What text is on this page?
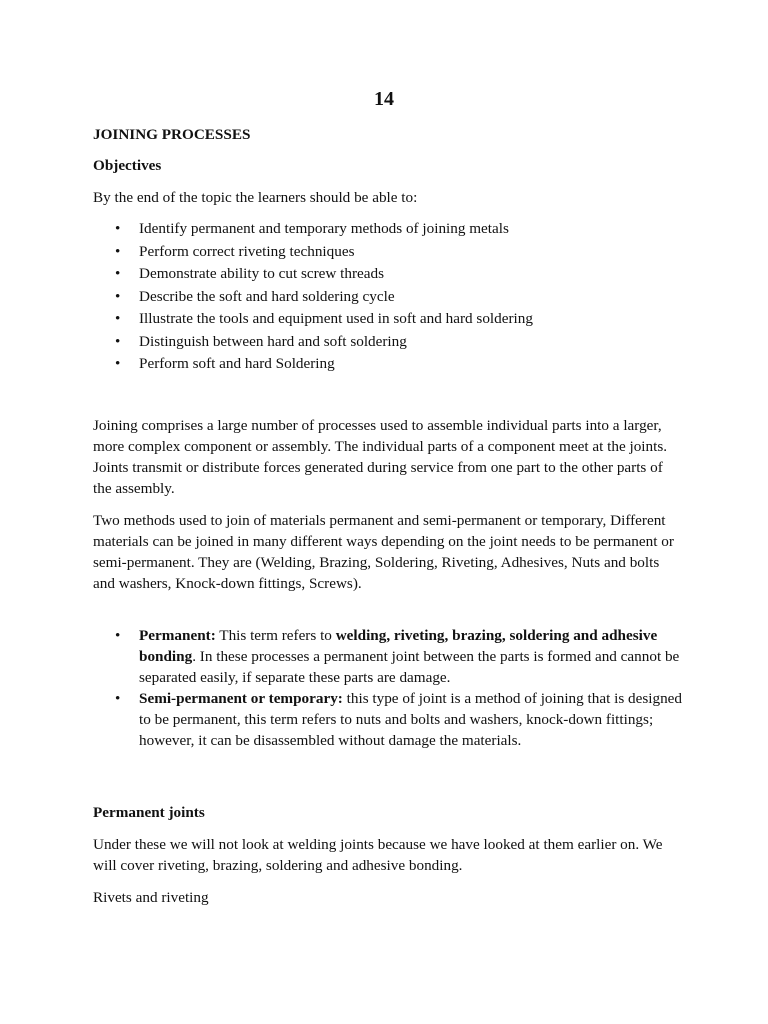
14
JOINING PROCESSES
Objectives
By the end of the topic the learners should be able to:
• Identify permanent and temporary methods of joining metals
• Perform correct riveting techniques
• Demonstrate ability to cut screw threads
• Describe the soft and hard soldering cycle
• Illustrate the tools and equipment used in soft and hard soldering
• Distinguish between hard and soft soldering
• Perform soft and hard Soldering
Joining comprises a large number of processes used to assemble individual parts into a larger, more complex component or assembly. The individual parts of a component meet at the joints. Joints transmit or distribute forces generated during service from one part to the other parts of the assembly.
Two methods used to join of materials permanent and semi-permanent or temporary, Different materials can be joined in many different ways depending on the joint needs to be permanent or semi-permanent. They are (Welding, Brazing, Soldering, Riveting, Adhesives, Nuts and bolts and washers, Knock-down fittings, Screws).
• Permanent: This term refers to welding, riveting, brazing, soldering and adhesive bonding. In these processes a permanent joint between the parts is formed and cannot be separated easily, if separate these parts are damage.
• Semi-permanent or temporary: this type of joint is a method of joining that is designed to be permanent, this term refers to nuts and bolts and washers, knock-down fittings; however, it can be disassembled without damage the materials.
Permanent joints
Under these we will not look at welding joints because we have looked at them earlier on. We will cover riveting, brazing, soldering and adhesive bonding.
Rivets and riveting
